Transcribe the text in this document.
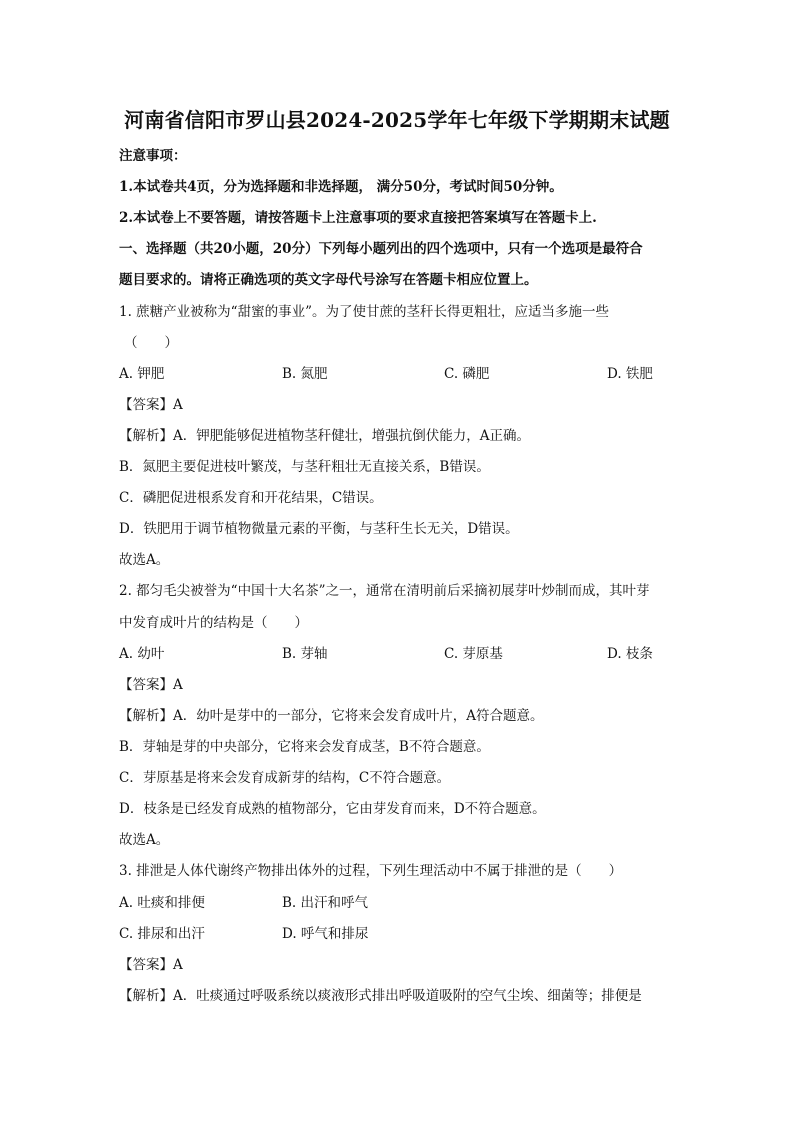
河南省信阳市罗山县2024-2025学年七年级下学期期末试题
注意事项：
1.本试卷共4页，分为选择题和非选择题， 满分50分，考试时间50分钟。
2.本试卷上不要答题，请按答题卡上注意事项的要求直接把答案填写在答题卡上.
一、选择题（共20小题，20分）下列每小题列出的四个选项中，只有一个选项是最符合
题目要求的。请将正确选项的英文字母代号涂写在答题卡相应位置上。
1. 蔗糖产业被称为“甜蜜的事业”。为了使甘蔗的茎秆长得更粗壮，应适当多施一些
（　　）
A. 钾肥	B. 氮肥	C. 磷肥	D. 铁肥
【答案】A
【解析】A．钾肥能够促进植物茎秆健壮，增强抗倒伏能力，A正确。
B．氮肥主要促进枝叶繁茂，与茎秆粗壮无直接关系，B错误。
C．磷肥促进根系发育和开花结果，C错误。
D．铁肥用于调节植物微量元素的平衡，与茎秆生长无关，D错误。
故选A。
2. 都匀毛尖被誉为“中国十大名茶”之一，通常在清明前后采摘初展芽叶炒制而成，其叶芽
中发育成叶片的结构是（　　）
A. 幼叶	B. 芽轴	C. 芽原基	D. 枝条
【答案】A
【解析】A．幼叶是芽中的一部分，它将来会发育成叶片，A符合题意。
B．芽轴是芽的中央部分，它将来会发育成茎，B不符合题意。
C．芽原基是将来会发育成新芽的结构，C不符合题意。
D．枝条是已经发育成熟的植物部分，它由芽发育而来，D不符合题意。
故选A。
3. 排泄是人体代谢终产物排出体外的过程，下列生理活动中不属于排泄的是（　　）
A. 吐痰和排便	B. 出汗和呼气
C. 排尿和出汗	D. 呼气和排尿
【答案】A
【解析】A．吐痰通过呼吸系统以痰液形式排出呼吸道吸附的空气尘埃、细菌等；排便是
